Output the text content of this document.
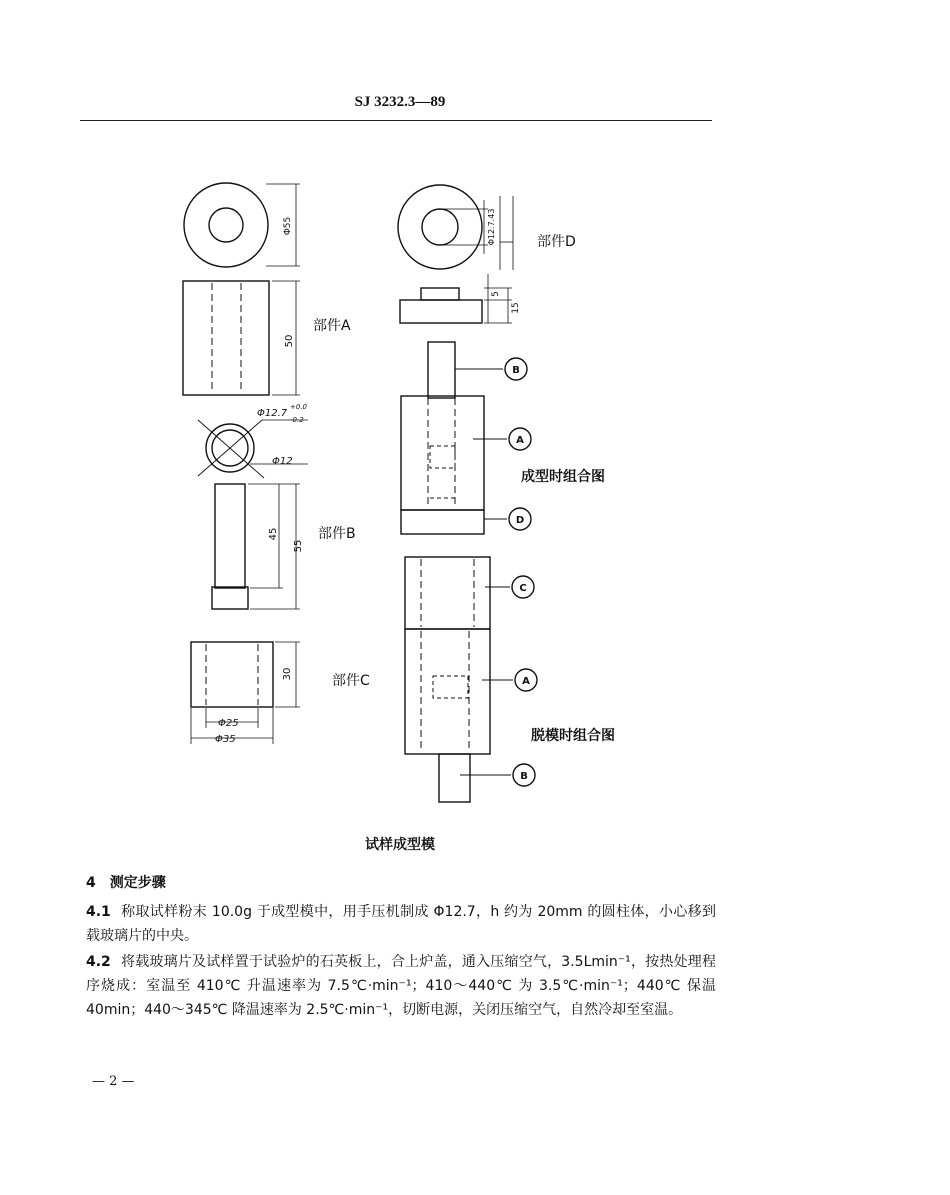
SJ 3232.3—89
Φ55
50
Φ12.7
+0.0
-0.2
Φ12
45
55
30
Φ25
Φ35
Φ12.7.43
5
15
部件A
部件B
部件C
部件D
成型时组合图
脱模时组合图
B
A
D
C
A
B
试样成型模
4 测定步骤
4.1 称取试样粉末 10.0g 于成型模中，用手压机制成 Φ12.7，h 约为 20mm 的圆柱体，小心移到载玻璃片的中央。
4.2 将载玻璃片及试样置于试验炉的石英板上，合上炉盖，通入压缩空气，3.5Lmin⁻¹，按热处理程序烧成：室温至 410℃ 升温速率为 7.5℃·min⁻¹；410～440℃ 为 3.5℃·min⁻¹；440℃ 保温 40min；440～345℃ 降温速率为 2.5℃·min⁻¹，切断电源，关闭压缩空气，自然冷却至室温。
— 2 —
